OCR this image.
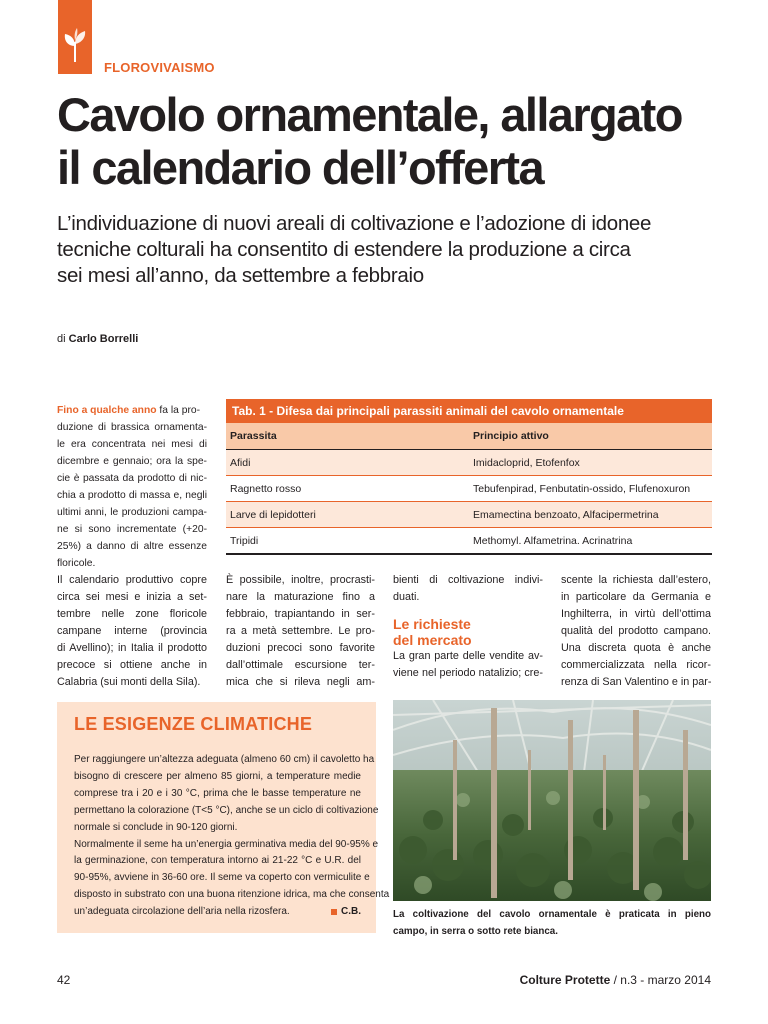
FLOROVIVAISMO
Cavolo ornamentale, allargato
il calendario dell’offerta
L’individuazione di nuovi areali di coltivazione e l’adozione di idonee
tecniche colturali ha consentito di estendere la produzione a circa
sei mesi all’anno, da settembre a febbraio
di Carlo Borrelli
Fino a qualche anno fa la pro-
duzione di brassica ornamenta-
le era concentrata nei mesi di
dicembre e gennaio; ora la spe-
cie è passata da prodotto di nic-
chia a prodotto di massa e, negli
ultimi anni, le produzioni campa-
ne si sono incrementate (+20-
25%) a danno di altre essenze
floricole.
Il calendario produttivo copre
circa sei mesi e inizia a set-
tembre nelle zone floricole
campane interne (provincia
di Avellino); in Italia il prodotto
precoce si ottiene anche in
Calabria (sui monti della Sila).
Tab. 1 - Difesa dai principali parassiti animali del cavolo ornamentale
Parassita	Principio attivo
Afidi	Imidacloprid, Etofenfox
Ragnetto rosso	Tebufenpirad, Fenbutatin-ossido, Flufenoxuron
Larve di lepidotteri	Emamectina benzoato, Alfacipermetrina
Tripidi	Methomyl. Alfametrina. Acrinatrina
È possibile, inoltre, procrasti-
nare la maturazione fino a
febbraio, trapiantando in ser-
ra a metà settembre. Le pro-
duzioni precoci sono favorite
dall’ottimale escursione ter-
mica che si rileva negli am-
bienti di coltivazione indivi-
duati.
Le richieste
del mercato
La gran parte delle vendite av-
viene nel periodo natalizio; cre-
scente la richiesta dall’estero,
in particolare da Germania e
Inghilterra, in virtù dell’ottima
qualità del prodotto campano.
Una discreta quota è anche
commercializzata nella ricor-
renza di San Valentino e in par-
LE ESIGENZE CLIMATICHE
Per raggiungere un’altezza adeguata (almeno 60 cm) il cavoletto ha
bisogno di crescere per almeno 85 giorni, a temperature medie
comprese tra i 20 e i 30 °C, prima che le basse temperature ne
permettano la colorazione (T<5 °C), anche se un ciclo di coltivazione
normale si conclude in 90-120 giorni.
Normalmente il seme ha un’energia germinativa media del 90-95% e
la germinazione, con temperatura intorno ai 21-22 °C e U.R. del
90-95%, avviene in 36-60 ore. Il seme va coperto con vermiculite e
disposto in substrato con una buona ritenzione idrica, ma che consenta
un’adeguata circolazione dell’aria nella rizosfera.	C.B.	La coltivazione del cavolo ornamentale è praticata in pieno
campo, in serra o sotto rete bianca.
42	Colture Protette / n.3 - marzo 2014
